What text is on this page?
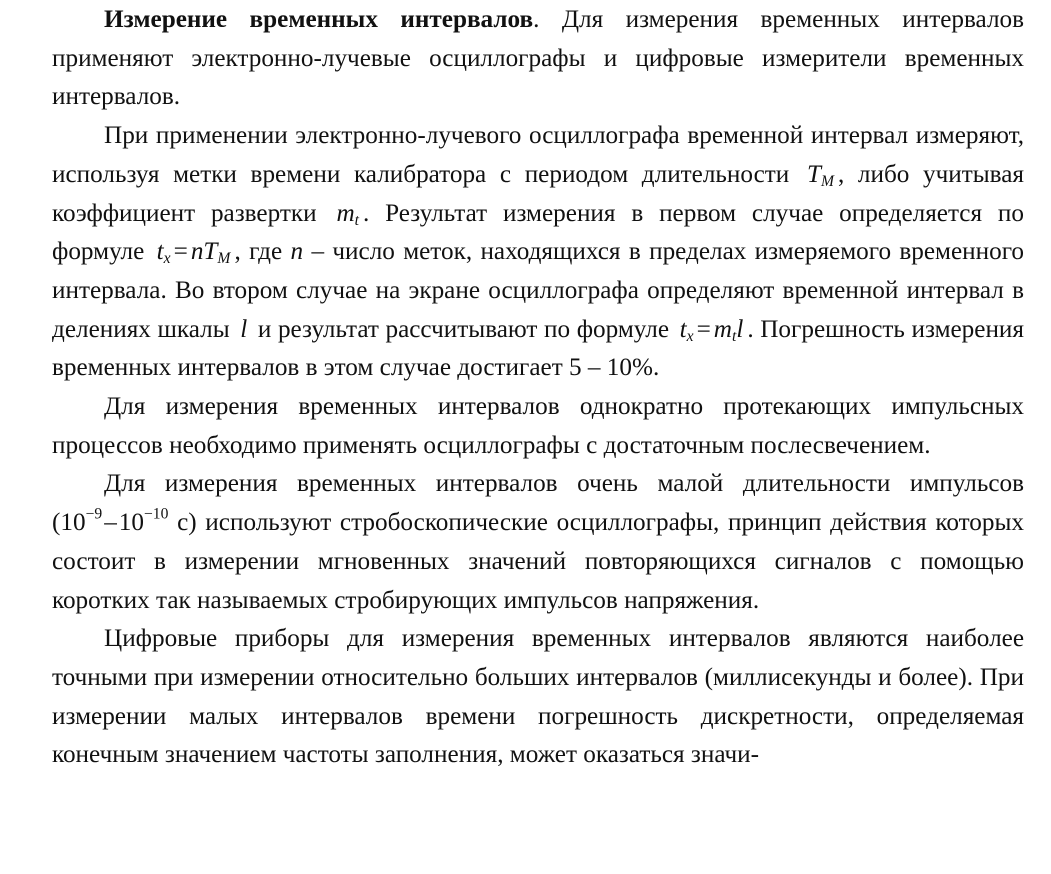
Измерение временных интервалов. Для измерения временных интервалов применяют электронно-лучевые осциллографы и цифровые измерители временных интервалов.

При применении электронно-лучевого осциллографа временной интервал измеряют, используя метки времени калибратора с периодом длительности $T_M$ , либо учитывая коэффициент развертки $m_t$ . Результат измерения в первом случае определяется по формуле $t_x = nT_M$ , где n – число меток, находящихся в пределах измеряемого временного интервала. Во втором случае на экране осциллографа определяют временной интервал в делениях шкалы l и результат рассчитывают по формуле $t_x = m_tl$ . Погрешность измерения временных интервалов в этом случае достигает 5 – 10%.

Для измерения временных интервалов однократно протекающих импульсных процессов необходимо применять осциллографы с достаточным послесвечением.

Для измерения временных интервалов очень малой длительности импульсов ($10^{-9}-10^{-10}$ с) используют стробоскопические осциллографы, принцип действия которых состоит в измерении мгновенных значений повторяющихся сигналов с помощью коротких так называемых стробирующих импульсов напряжения.

Цифровые приборы для измерения временных интервалов являются наиболее точными при измерении относительно больших интервалов (миллисекунды и более). При измерении малых интервалов времени погрешность дискретности, определяемая конечным значением частоты заполнения, может оказаться значи-
